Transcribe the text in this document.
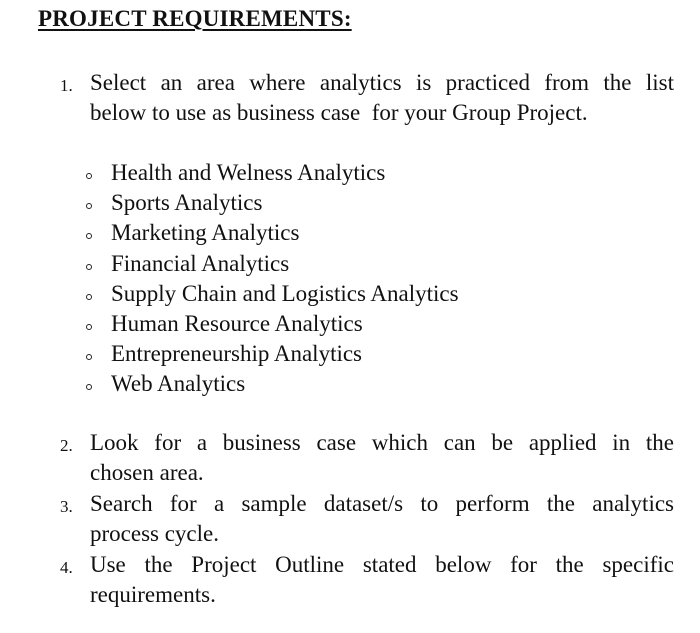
PROJECT REQUIREMENTS:
1. Select an area where analytics is practiced from the list
below to use as business case  for your Group Project.
Health and Welness Analytics
Sports Analytics
Marketing Analytics
Financial Analytics
Supply Chain and Logistics Analytics
Human Resource Analytics
Entrepreneurship Analytics
Web Analytics
2. Look for a business case which can be applied in the
chosen area.
3. Search for a sample dataset/s to perform the analytics
process cycle.
4. Use the Project Outline stated below for the specific
requirements.
